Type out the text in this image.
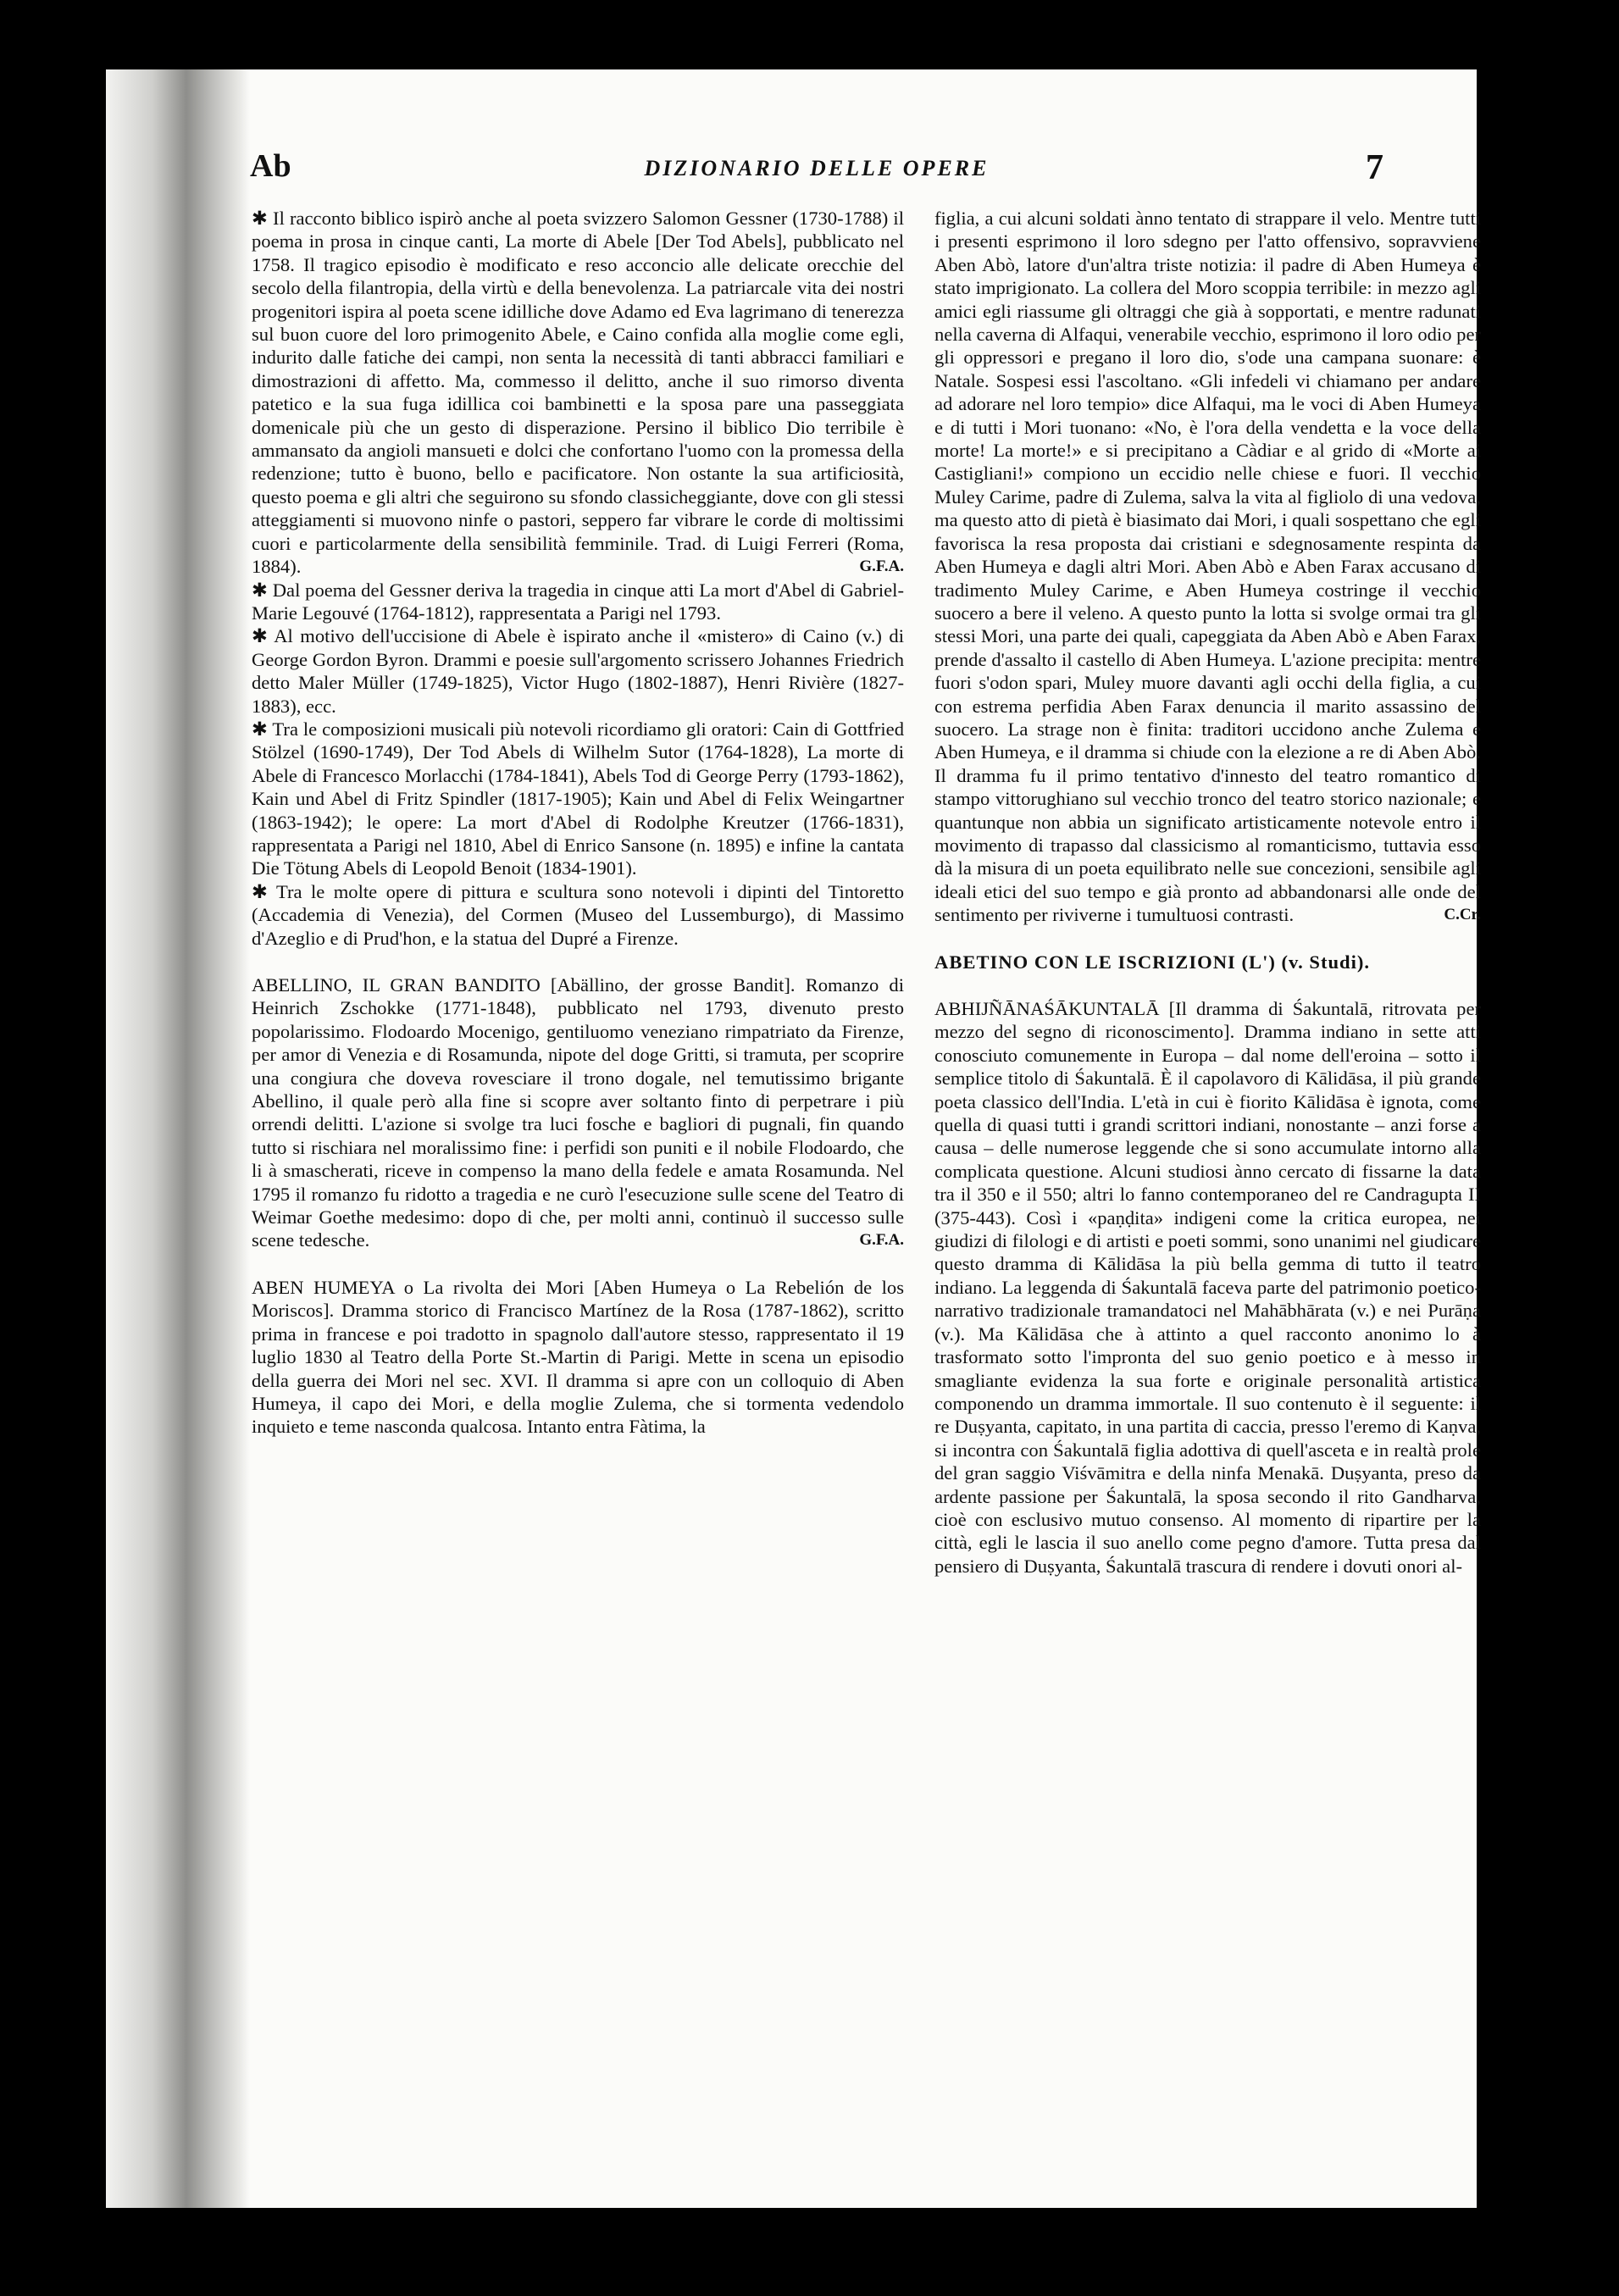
Ab	DIZIONARIO DELLE OPERE	7

✱ Il racconto biblico ispirò anche al poeta svizzero Salomon Gessner (1730-1788) il poema in prosa in cinque canti, La morte di Abele [Der Tod Abels], pubblicato nel 1758. Il tragico episodio è modificato e reso acconcio alle delicate orecchie del secolo della filantropia, della virtù e della benevolenza. La patriarcale vita dei nostri progenitori ispira al poeta scene idilliche dove Adamo ed Eva lagrimano di tenerezza sul buon cuore del loro primogenito Abele, e Caino confida alla moglie come egli, indurito dalle fatiche dei campi, non senta la necessità di tanti abbracci familiari e dimostrazioni di affetto. Ma, commesso il delitto, anche il suo rimorso diventa patetico e la sua fuga idillica coi bambinetti e la sposa pare una passeggiata domenicale più che un gesto di disperazione. Persino il biblico Dio terribile è ammansato da angioli mansueti e dolci che confortano l'uomo con la promessa della redenzione; tutto è buono, bello e pacificatore. Non ostante la sua artificiosità, questo poema e gli altri che seguirono su sfondo classicheggiante, dove con gli stessi atteggiamenti si muovono ninfe o pastori, seppero far vibrare le corde di moltissimi cuori e particolarmente della sensibilità femminile. Trad. di Luigi Ferreri (Roma, 1884).	G.F.A.

✱ Dal poema del Gessner deriva la tragedia in cinque atti La mort d'Abel di Gabriel-Marie Legouvé (1764-1812), rappresentata a Parigi nel 1793.

✱ Al motivo dell'uccisione di Abele è ispirato anche il «mistero» di Caino (v.) di George Gordon Byron. Drammi e poesie sull'argomento scrissero Johannes Friedrich detto Maler Müller (1749-1825), Victor Hugo (1802-1887), Henri Rivière (1827-1883), ecc.

✱ Tra le composizioni musicali più notevoli ricordiamo gli oratori: Cain di Gottfried Stölzel (1690-1749), Der Tod Abels di Wilhelm Sutor (1764-1828), La morte di Abele di Francesco Morlacchi (1784-1841), Abels Tod di George Perry (1793-1862), Kain und Abel di Fritz Spindler (1817-1905); Kain und Abel di Felix Weingartner (1863-1942); le opere: La mort d'Abel di Rodolphe Kreutzer (1766-1831), rappresentata a Parigi nel 1810, Abel di Enrico Sansone (n. 1895) e infine la cantata Die Tötung Abels di Leopold Benoit (1834-1901).

✱ Tra le molte opere di pittura e scultura sono notevoli i dipinti del Tintoretto (Accademia di Venezia), del Cormen (Museo del Lussemburgo), di Massimo d'Azeglio e di Prud'hon, e la statua del Dupré a Firenze.

ABELLINO, IL GRAN BANDITO [Abällino, der grosse Bandit]. Romanzo di Heinrich Zschokke (1771-1848), pubblicato nel 1793, divenuto presto popolarissimo. Flodoardo Mocenigo, gentiluomo veneziano rimpatriato da Firenze, per amor di Venezia e di Rosamunda, nipote del doge Gritti, si tramuta, per scoprire una congiura che doveva rovesciare il trono dogale, nel temutissimo brigante Abellino, il quale però alla fine si scopre aver soltanto finto di perpetrare i più orrendi delitti. L'azione si svolge tra luci fosche e bagliori di pugnali, fin quando tutto si rischiara nel moralissimo fine: i perfidi son puniti e il nobile Flodoardo, che li à smascherati, riceve in compenso la mano della fedele e amata Rosamunda. Nel 1795 il romanzo fu ridotto a tragedia e ne curò l'esecuzione sulle scene del Teatro di Weimar Goethe medesimo: dopo di che, per molti anni, continuò il successo sulle scene tedesche.	G.F.A.

ABEN HUMEYA o La rivolta dei Mori [Aben Humeya o La Rebelión de los Moriscos]. Dramma storico di Francisco Martínez de la Rosa (1787-1862), scritto prima in francese e poi tradotto in spagnolo dall'autore stesso, rappresentato il 19 luglio 1830 al Teatro della Porte St.-Martin di Parigi. Mette in scena un episodio della guerra dei Mori nel sec. XVI. Il dramma si apre con un colloquio di Aben Humeya, il capo dei Mori, e della moglie Zulema, che si tormenta vedendolo inquieto e teme nasconda qualcosa. Intanto entra Fàtima, la

figlia, a cui alcuni soldati ànno tentato di strappare il velo. Mentre tutti i presenti esprimono il loro sdegno per l'atto offensivo, sopravviene Aben Abò, latore d'un'altra triste notizia: il padre di Aben Humeya è stato imprigionato. La collera del Moro scoppia terribile: in mezzo agli amici egli riassume gli oltraggi che già à sopportati, e mentre radunati nella caverna di Alfaqui, venerabile vecchio, esprimono il loro odio per gli oppressori e pregano il loro dio, s'ode una campana suonare: è Natale. Sospesi essi l'ascoltano. «Gli infedeli vi chiamano per andare ad adorare nel loro tempio» dice Alfaqui, ma le voci di Aben Humeya e di tutti i Mori tuonano: «No, è l'ora della vendetta e la voce della morte! La morte!» e si precipitano a Càdiar e al grido di «Morte ai Castigliani!» compiono un eccidio nelle chiese e fuori. Il vecchio Muley Carime, padre di Zulema, salva la vita al figliolo di una vedova, ma questo atto di pietà è biasimato dai Mori, i quali sospettano che egli favorisca la resa proposta dai cristiani e sdegnosamente respinta da Aben Humeya e dagli altri Mori. Aben Abò e Aben Farax accusano di tradimento Muley Carime, e Aben Humeya costringe il vecchio suocero a bere il veleno. A questo punto la lotta si svolge ormai tra gli stessi Mori, una parte dei quali, capeggiata da Aben Abò e Aben Farax, prende d'assalto il castello di Aben Humeya. L'azione precipita: mentre fuori s'odon spari, Muley muore davanti agli occhi della figlia, a cui con estrema perfidia Aben Farax denuncia il marito assassino del suocero. La strage non è finita: traditori uccidono anche Zulema e Aben Humeya, e il dramma si chiude con la elezione a re di Aben Abò. Il dramma fu il primo tentativo d'innesto del teatro romantico di stampo vittorughiano sul vecchio tronco del teatro storico nazionale; e quantunque non abbia un significato artisticamente notevole entro il movimento di trapasso dal classicismo al romanticismo, tuttavia esso dà la misura di un poeta equilibrato nelle sue concezioni, sensibile agli ideali etici del suo tempo e già pronto ad abbandonarsi alle onde del sentimento per riviverne i tumultuosi contrasti.	C.Cr.

ABETINO CON LE ISCRIZIONI (L') (v. Studi).

ABHIJÑĀNAŚĀKUNTALĀ [Il dramma di Śakuntalā, ritrovata per mezzo del segno di riconoscimento]. Dramma indiano in sette atti conosciuto comunemente in Europa – dal nome dell'eroina – sotto il semplice titolo di Śakuntalā. È il capolavoro di Kālidāsa, il più grande poeta classico dell'India. L'età in cui è fiorito Kālidāsa è ignota, come quella di quasi tutti i grandi scrittori indiani, nonostante – anzi forse a causa – delle numerose leggende che si sono accumulate intorno alla complicata questione. Alcuni studiosi ànno cercato di fissarne la data tra il 350 e il 550; altri lo fanno contemporaneo del re Candragupta II (375-443). Così i «paṇḍita» indigeni come la critica europea, nei giudizi di filologi e di artisti e poeti sommi, sono unanimi nel giudicare questo dramma di Kālidāsa la più bella gemma di tutto il teatro indiano. La leggenda di Śakuntalā faceva parte del patrimonio poetico-narrativo tradizionale tramandatoci nel Mahābhārata (v.) e nei Purāṇa (v.). Ma Kālidāsa che à attinto a quel racconto anonimo lo à trasformato sotto l'impronta del suo genio poetico e à messo in smagliante evidenza la sua forte e originale personalità artistica componendo un dramma immortale. Il suo contenuto è il seguente: il re Duṣyanta, capitato, in una partita di caccia, presso l'eremo di Kaṇva, si incontra con Śakuntalā figlia adottiva di quell'asceta e in realtà prole del gran saggio Viśvāmitra e della ninfa Menakā. Duṣyanta, preso da ardente passione per Śakuntalā, la sposa secondo il rito Gandharva, cioè con esclusivo mutuo consenso. Al momento di ripartire per la città, egli le lascia il suo anello come pegno d'amore. Tutta presa dal pensiero di Duṣyanta, Śakuntalā trascura di rendere i dovuti onori al-
